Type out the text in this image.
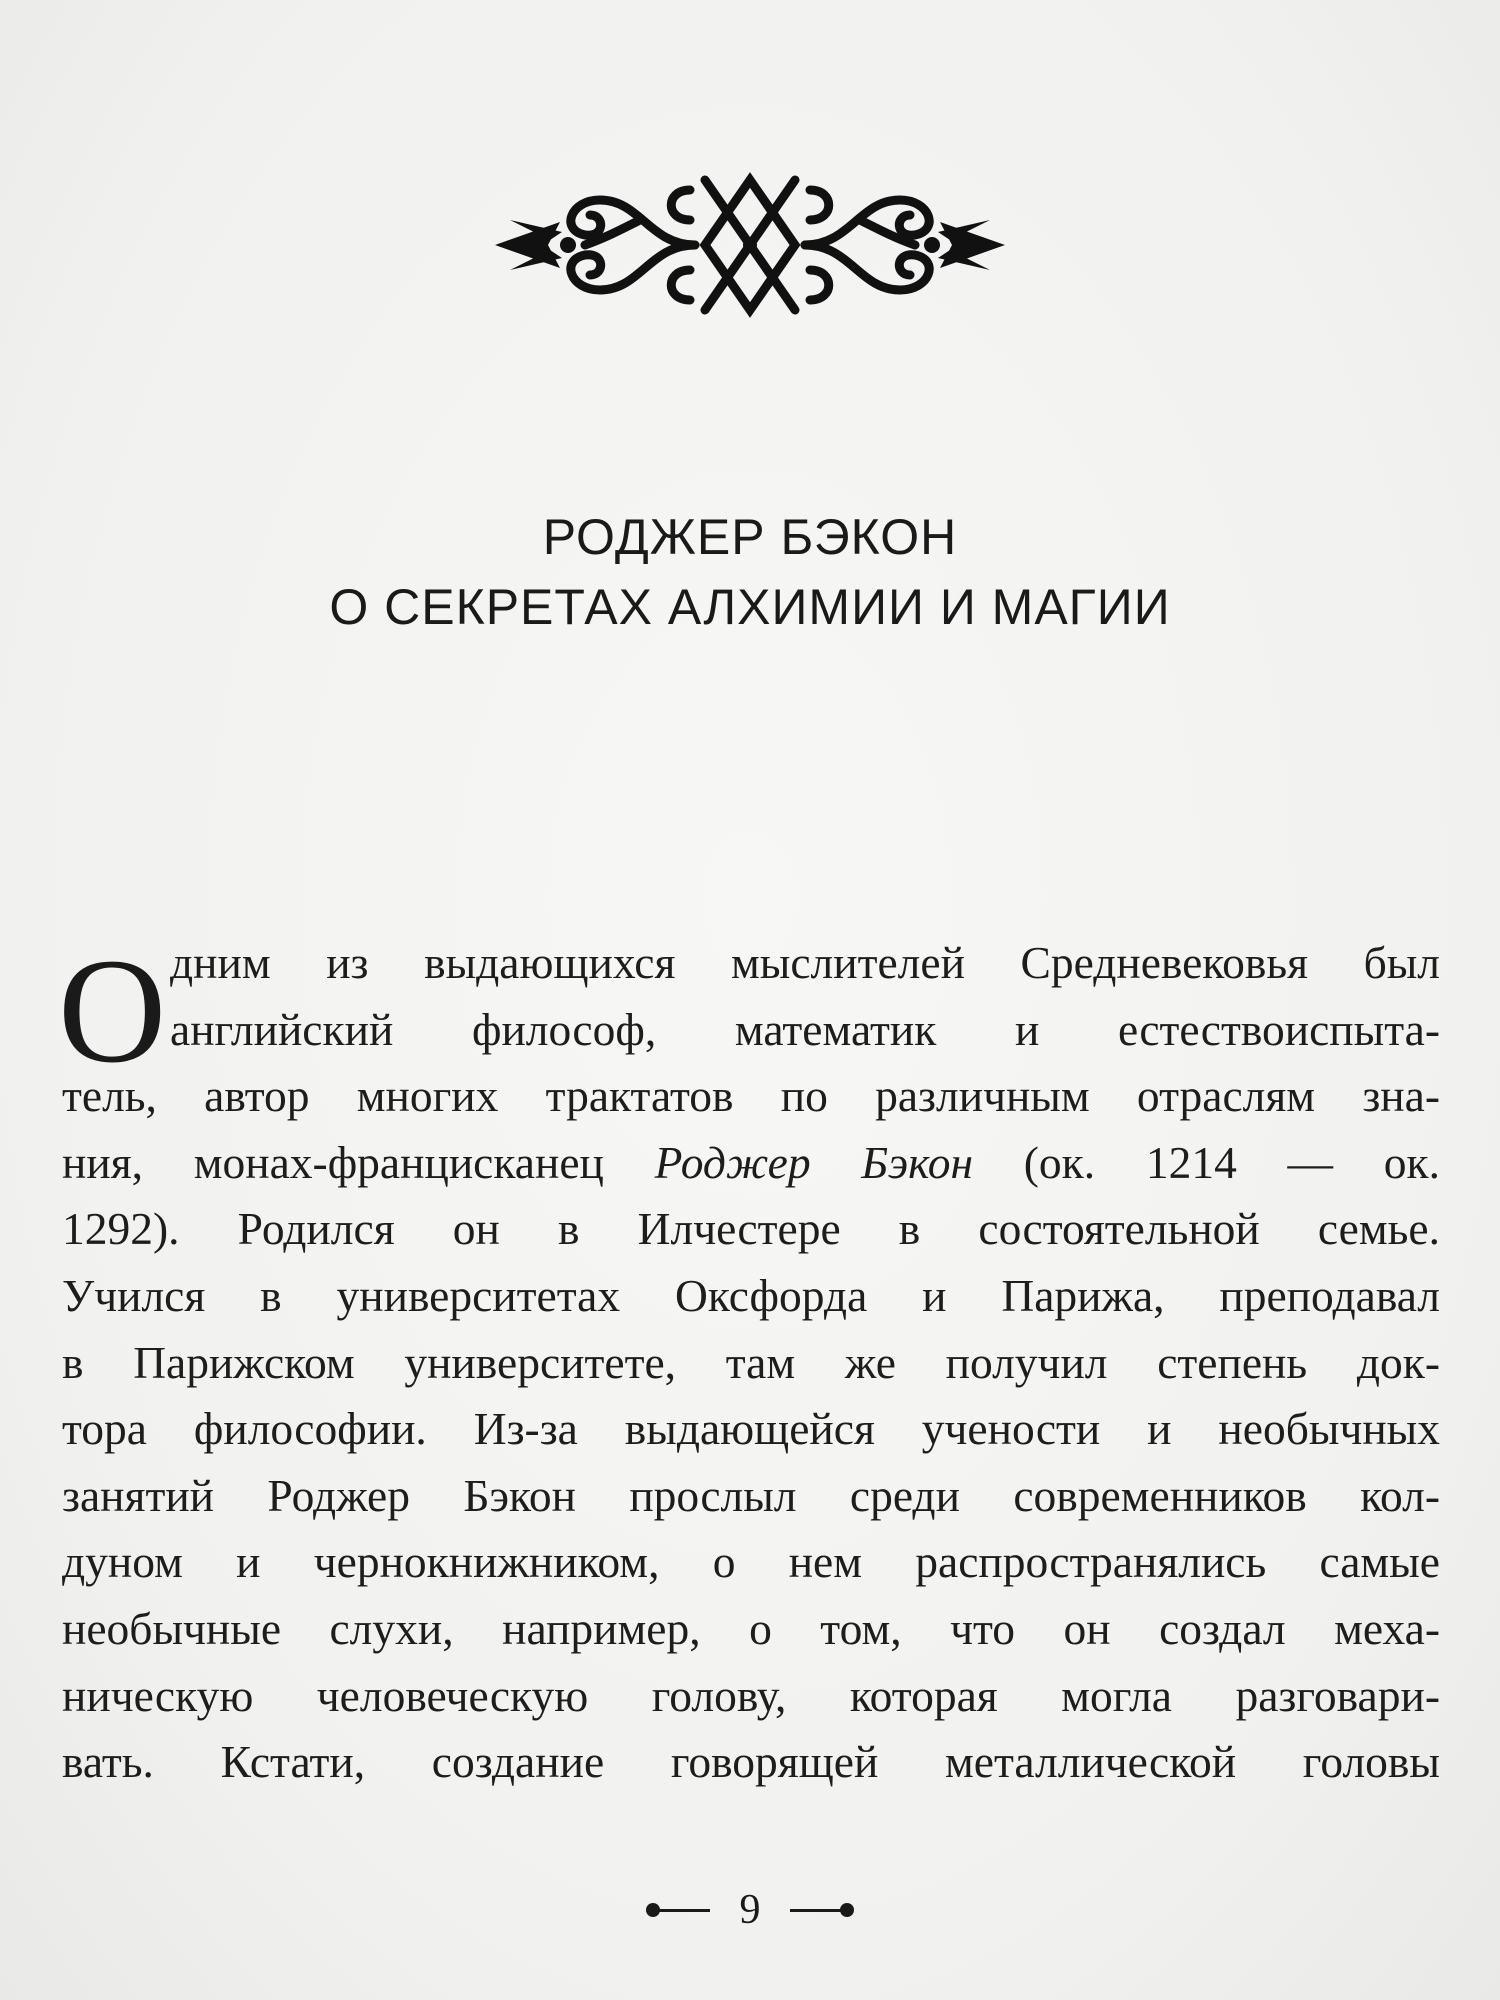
РОДЖЕР БЭКОН
О СЕКРЕТАХ АЛХИМИИ И МАГИИ
О дним из выдающихся мыслителей Средневековья был
английский философ, математик и естествоиспыта-
тель, автор многих трактатов по различным отраслям зна-
ния, монах-францисканец Роджер Бэкон (ок. 1214 — ок.
1292). Родился он в Илчестере в состоятельной семье.
Учился в университетах Оксфорда и Парижа, преподавал
в Парижском университете, там же получил степень док-
тора философии. Из-за выдающейся учености и необычных
занятий Роджер Бэкон прослыл среди современников кол-
дуном и чернокнижником, о нем распространялись самые
необычные слухи, например, о том, что он создал меха-
ническую человеческую голову, которая могла разговари-
вать. Кстати, создание говорящей металлической головы
9
